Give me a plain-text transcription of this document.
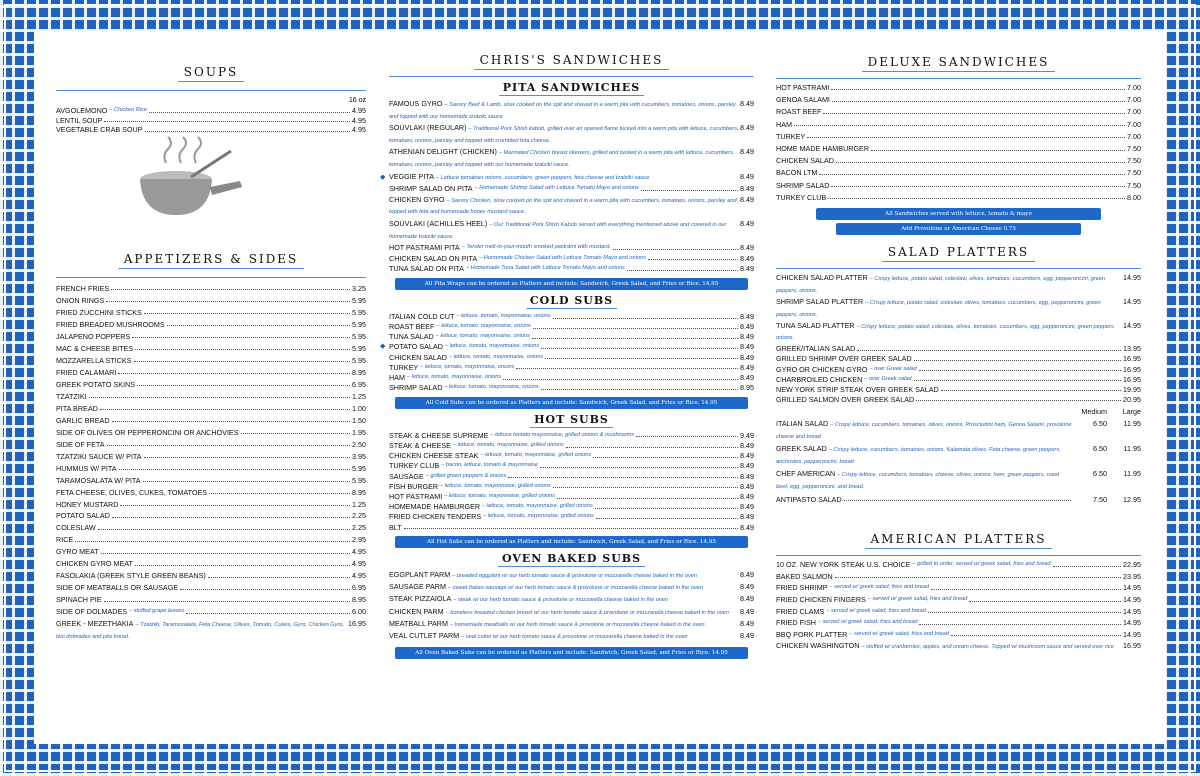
SOUPS
16 oz
AVGOLEMONO – Chicken Rice	4.95
LENTIL SOUP	4.95
VEGETABLE CRAB SOUP	4.95
APPETIZERS & SIDES
FRENCH FRIES	3.25
ONION RINGS	5.95
FRIED ZUCCHINI STICKS	5.95
FRIED BREADED MUSHROOMS	5.95
JALAPENO POPPERS	5.95
MAC & CHEESE BITES	5.95
MOZZARELLA STICKS	5.95
FRIED CALAMARI	8.95
GREEK POTATO SKINS	6.95
TZATZIKI	1.25
PITA BREAD	1.00
GARLIC BREAD	1.50
SIDE OF OLIVES OR PEPPERONCINI OR ANCHOVIES	1.95
SIDE OF FETA	2.50
TZATZIKI SAUCE W/ PITA	3.95
HUMMUS W/ PITA	5.95
TARAMOSALATA W/ PITA	5.95
FETA CHEESE, OLIVES, CUKES, TOMATOES	8.95
HONEY MUSTARD	1.25
POTATO SALAD	2.25
COLESLAW	2.25
RICE	2.95
GYRO MEAT	4.95
CHICKEN GYRO MEAT	4.95
FASOLAKIA (GREEK STYLE GREEN BEANS)	4.95
SIDE OF MEATBALLS OR SAUSAGE	6.95
SPINACH PIE	8.95
SIDE OF DOLMADES – stuffed grape leaves	6.00
GREEK - MEZETHAKIA – Tzatziki, Taramosalata, Feta Cheese, Olives, Tomato, Cukes, Gyro, Chicken Gyro, two dolmades and pita bread.
16.95
CHRIS'S SANDWICHES
PITA SANDWICHES
FAMOUS GYRO – Savory Beef & Lamb, slow cooked on the spit and shaved in a warm pita with cucumbers, tomatoes, onions, parsley and topped with our homemade tzatziki sauce
8.49
SOUVLAKI (REGULAR) – Traditional Pork Shish kabob, grilled over an opened flame tucked into a warm pita with lettuce, cucumbers, tomatoes, onions, parsley and topped with crumbled feta cheese.
8.49
ATHENIAN DELIGHT (CHICKEN) – Marinated Chicken breast skewers, grilled and tucked in a warm pita with lettuce, cucumbers, tomatoes, onions, parsley and topped with our homemade tzatziki sauce.
8.49
◆ VEGGIE PITA – Lettuce tomatoes onions, cucumbers, green peppers, feta cheese and tzatziki sauce	8.49
SHRIMP SALAD ON PITA – Homemade Shrimp Salad with Lettuce Tomato Mayo and onions	8.49
CHICKEN GYRO – Savory Chicken, slow cooked on the spit and shaved in a warm pita with cucumbers, tomatoes, onions, parsley and topped with feta and homemade honey mustard sauce.
8.49
SOUVLAKI (ACHILLES HEEL) – Our Traditional Pork Shish Kabob served with everything mentioned above and covered in our homemade tzatziki sauce.
8.49
HOT PASTRAMI PITA – Tender melt-in-your-mouth smoked pastrami with mustard.	8.49
CHICKEN SALAD ON PITA – Homemade Chicken Salad with Lettuce Tomato Mayo and onions	8.49
TUNA SALAD ON PITA – Homemade Tuna Salad with Lettuce Tomato Mayo and onions	8.49
All Pita Wraps can be ordered as Platters and include: Sandwich, Greek Salad, and Fries or Rice. 14.95
COLD SUBS
ITALIAN COLD CUT – lettuce, tomato, mayonnaise, onions	8.49
ROAST BEEF – lettuce, tomato, mayonnaise, onions	8.49
TUNA SALAD – lettuce, tomato, mayonnaise, onions	8.49
◆ POTATO SALAD – lettuce, tomato, mayonnaise, onions	8.49
CHICKEN SALAD – lettuce, tomato, mayonnaise, onions	8.49
TURKEY – lettuce, tomato, mayonnaise, onions	8.49
HAM – lettuce, tomato, mayonnaise, onions	8.49
SHRIMP SALAD – lettuce, tomato, mayonnaise, onions	8.95
All Cold Subs can be ordered as Platters and include: Sandwich, Greek Salad, and Fries or Rice. 14.95
HOT SUBS
STEAK & CHEESE SUPREME – lettuce tomato mayonnaise, grilled onions & mushrooms	9.49
STEAK & CHEESE – lettuce, tomato, mayonnaise, grilled onions	8.49
CHICKEN CHEESE STEAK – lettuce, tomato, mayonnaise, grilled onions	8.49
TURKEY CLUB – bacon, lettuce, tomato & mayonnaise	8.49
SAUSAGE – grilled green peppers & onions	8.49
FISH BURGER – lettuce, tomato, mayonnaise, grilled onions	8.49
HOT PASTRAMI – lettuce, tomato, mayonnaise, grilled onions	8.49
HOMEMADE HAMBURGER – lettuce, tomato, mayonnaise, grilled onions	8.49
FRIED CHICKEN TENDERS – lettuce, tomato, mayonnaise, grilled onions	8.49
BLT	8.49
All Hot Subs can be ordered as Platters and include: Sandwich, Greek Salad, and Fries or Rice. 14.95
OVEN BAKED SUBS
EGGPLANT PARM – breaded eggplant w/ our herb tomato sauce & provolone or mozzarella cheese baked in the oven	8.49
SAUSAGE PARM – sweet Italian sausage w/ our herb tomato sauce & provolone or mozzarella cheese baked in the oven	8.49
STEAK PIZZAIOLA – steak w/ our herb tomato sauce & provolone or mozzarella cheese baked in the oven	8.49
CHICKEN PARM – boneless breaded chicken breast w/ our herb tomato sauce & provolone or mozzarella cheese baked in the oven	8.49
MEATBALL PARM – homemade meatballs w/ our herb tomato sauce & provolone or mozzarella cheese baked in the oven	8.49
VEAL CUTLET PARM – veal cutlet w/ our herb tomato sauce & provolone or mozzarella cheese baked in the oven	8.49
All Oven Baked Subs can be ordered as Platters and include: Sandwich, Greek Salad, and Fries or Rice. 14.95
DELUXE SANDWICHES
HOT PASTRAMI	7.00
GENOA SALAMI	7.00
ROAST BEEF	7.00
HAM	7.00
TURKEY	7.00
HOME MADE HAMBURGER	7.50
CHICKEN SALAD	7.50
BACON LTM	7.50
SHRIMP SALAD	7.50
TURKEY CLUB	8.00
All Sandwiches served with lettuce, tomato & mayo
Add Provolone or American Cheese 0.75
SALAD PLATTERS
CHICKEN SALAD PLATTER – Crispy lettuce, potato salad, coleslaw, olives, tomatoes, cucumbers, egg, pepperoncini, green peppers, onions.
14.95
SHRIMP SALAD PLATTER – Crispy lettuce, potato salad, coleslaw, olives, tomatoes, cucumbers, egg, pepperoncini, green peppers, onions.
14.95
TUNA SALAD PLATTER – Crispy lettuce, potato salad, coleslaw, olives, tomatoes, cucumbers, egg, pepperoncini, green peppers, onions.
14.95
GREEK/ITALIAN SALAD	13.95
GRILLED SHRIMP OVER GREEK SALAD	16.95
GYRO OR CHICKEN GYRO – over Greek salad	16.95
CHARBROILED CHICKEN – over Greek salad	16.95
NEW YORK STRIP STEAK OVER GREEK SALAD	19.95
GRILLED SALMON OVER GREEK SALAD	20.95
Medium	Large
ITALIAN SALAD – Crispy lettuce, cucumbers, tomatoes, olives, onions, Prosciuttini ham, Genoa Salami, provolone cheese and bread
6.50	11.95
GREEK SALAD – Crispy lettuce, cucumbers, tomatoes, onions, Kalamata olives, Feta cheese, green peppers, anchovies, pepperoncini, bread
6.50	11.95
CHEF AMERICAN – Crispy lettuce, cucumbers, tomatoes, cheese, olives, onions, ham, green peppers, roast beef, egg, pepperoncini, and bread.
6.50	11.95
ANTIPASTO SALAD	7.50	12.95
AMERICAN PLATTERS
10 OZ. NEW YORK STEAK U.S. CHOICE – grilled to order, served w/ greek salad, fries and bread	22.95
BAKED SALMON	23.95
FRIED SHRIMP – served w/ greek salad, fries and bread	14.95
FRIED CHICKEN FINGERS – served w/ greek salad, fries and bread	14.95
FRIED CLAMS – served w/ greek salad, fries and bread	14.95
FRIED FISH – served w/ greek salad, fries and bread	14.95
BBQ PORK PLATTER – served w/ greek salad, fries and bread	14.95
CHICKEN WASHINGTON – stuffed w/ cranberries, apples, and cream cheese. Topped w/ mushroom sauce and served over rice	16.95
